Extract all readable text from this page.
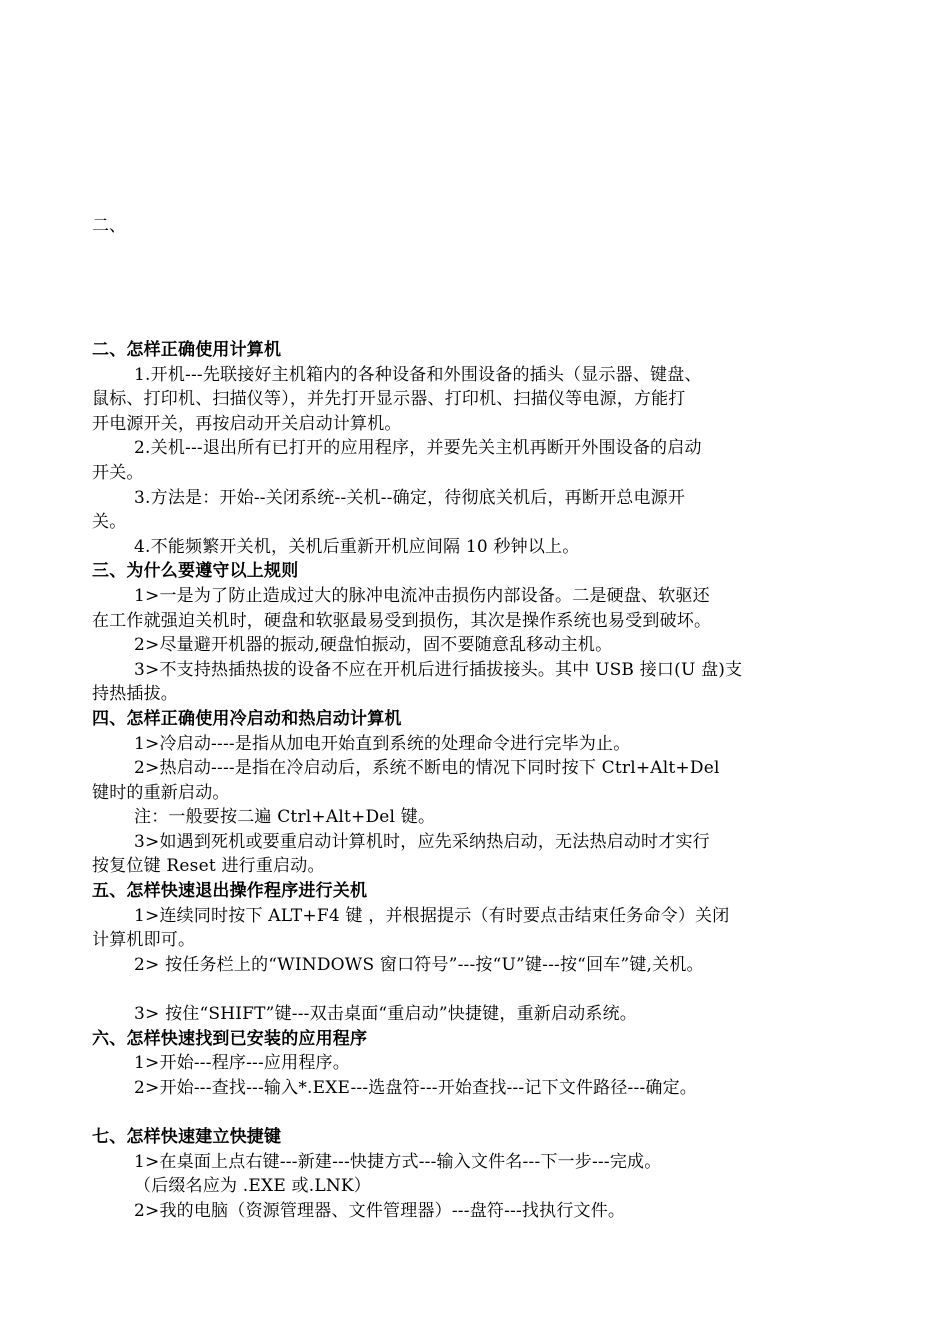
二、
二、怎样正确使用计算机
1.开机---先联接好主机箱内的各种设备和外围设备的插头（显示器、键盘、
鼠标、打印机、扫描仪等），并先打开显示器、打印机、扫描仪等电源，方能打
开电源开关，再按启动开关启动计算机。
2.关机---退出所有已打开的应用程序，并要先关主机再断开外围设备的启动
开关。
3.方法是：开始--关闭系统--关机--确定，待彻底关机后，再断开总电源开
关。
4.不能频繁开关机，关机后重新开机应间隔 10 秒钟以上。
三、为什么要遵守以上规则
1>一是为了防止造成过大的脉冲电流冲击损伤内部设备。二是硬盘、软驱还
在工作就强迫关机时，硬盘和软驱最易受到损伤，其次是操作系统也易受到破坏。
2>尽量避开机器的振动,硬盘怕振动，固不要随意乱移动主机。
3>不支持热插热拔的设备不应在开机后进行插拔接头。其中 USB 接口(U 盘)支
持热插拔。
四、怎样正确使用冷启动和热启动计算机
1>冷启动----是指从加电开始直到系统的处理命令进行完毕为止。
2>热启动----是指在冷启动后，系统不断电的情况下同时按下 Ctrl+Alt+Del
键时的重新启动。
注：一般要按二遍 Ctrl+Alt+Del 键。
3>如遇到死机或要重启动计算机时，应先采纳热启动，无法热启动时才实行
按复位键 Reset 进行重启动。
五、怎样快速退出操作程序进行关机
1>连续同时按下 ALT+F4 键 ，并根据提示（有时要点击结束任务命令）关闭
计算机即可。
2> 按任务栏上的“WINDOWS 窗口符号”---按“U”键---按“回车”键,关机。
3> 按住“SHIFT”键---双击桌面“重启动”快捷键，重新启动系统。
六、怎样快速找到已安装的应用程序
1>开始---程序---应用程序。
2>开始---查找---输入*.EXE---选盘符---开始查找---记下文件路径---确定。
七、怎样快速建立快捷键
1>在桌面上点右键---新建---快捷方式---输入文件名---下一步---完成。
（后缀名应为 .EXE 或.LNK）
2>我的电脑（资源管理器、文件管理器）---盘符---找执行文件。
